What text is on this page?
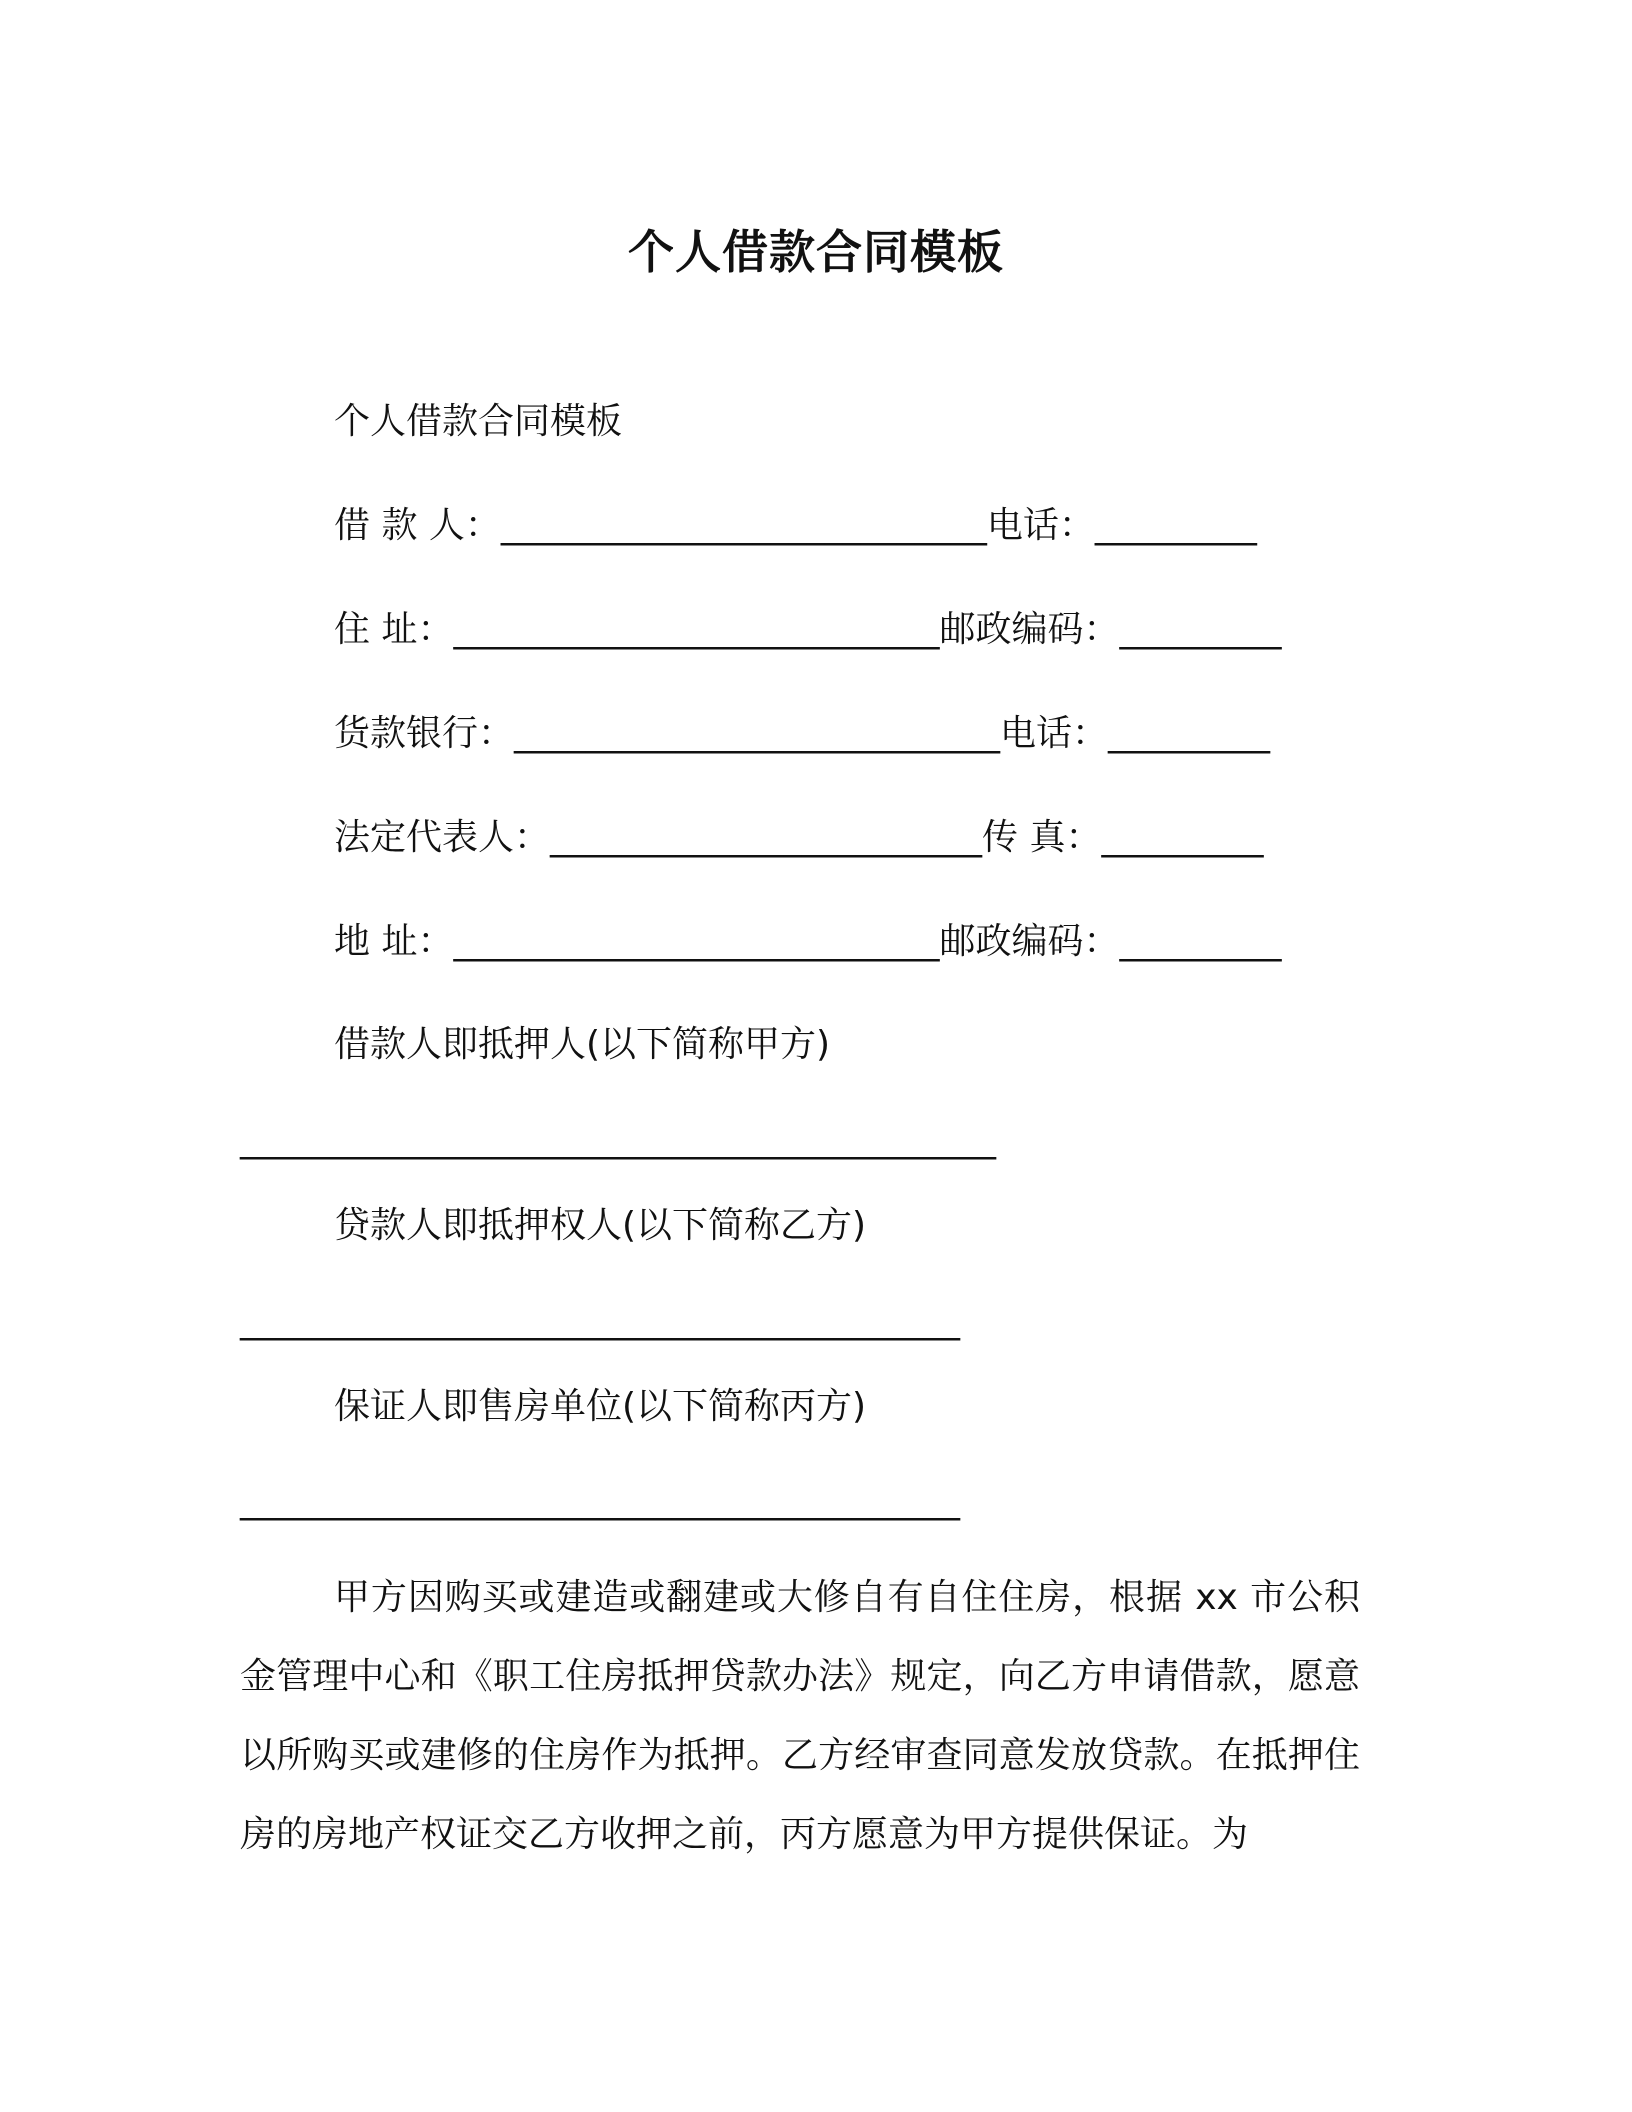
个人借款合同模板
个人借款合同模板
借 款 人：___________________________电话：_________
住 址：___________________________邮政编码：_________
货款银行：___________________________电话：_________
法定代表人：________________________传 真：_________
地 址：___________________________邮政编码：_________
借款人即抵押人(以下简称甲方)
__________________________________________
贷款人即抵押权人(以下简称乙方)
________________________________________
保证人即售房单位(以下简称丙方)
________________________________________
甲方因购买或建造或翻建或大修自有自住住房，根据 xx 市公积金管理中心和《职工住房抵押贷款办法》规定，向乙方申请借款，愿意以所购买或建修的住房作为抵押。乙方经审查同意发放贷款。在抵押住房的房地产权证交乙方收押之前，丙方愿意为甲方提供保证。为
